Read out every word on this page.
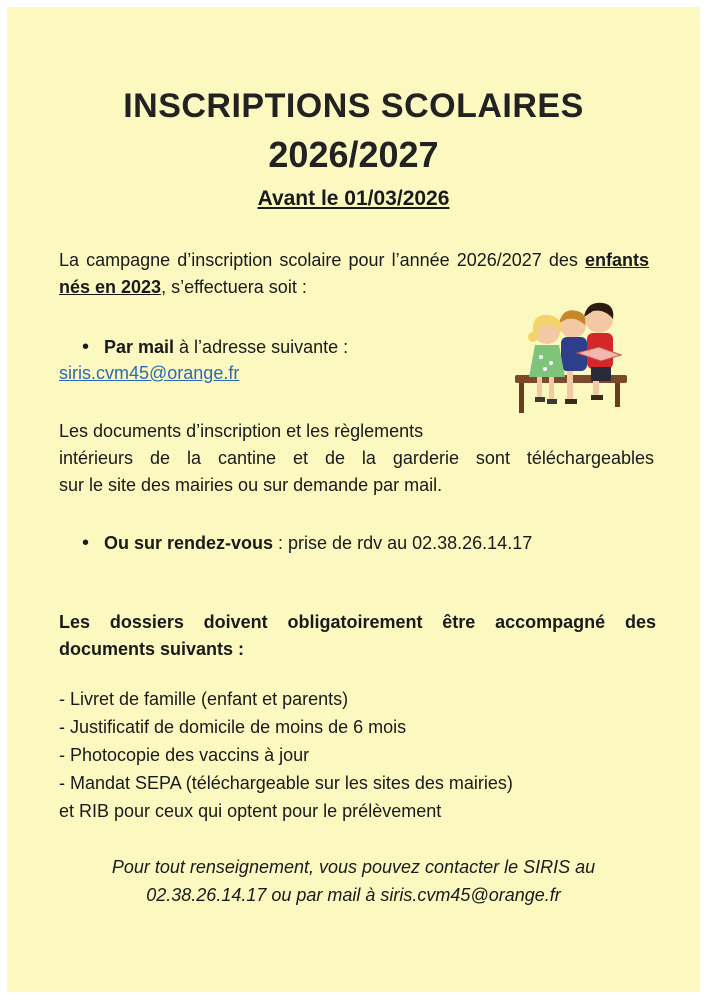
INSCRIPTIONS SCOLAIRES
2026/2027
Avant le 01/03/2026

La campagne d’inscription scolaire pour l’année 2026/2027 des enfants nés en 2023, s’effectuera soit :

• Par mail à l’adresse suivante :
siris.cvm45@orange.fr

Les documents d’inscription et les règlements
intérieurs de la cantine et de la garderie sont téléchargeables
sur le site des mairies ou sur demande par mail.

• Ou sur rendez-vous : prise de rdv au 02.38.26.14.17

Les dossiers doivent obligatoirement être accompagné des
documents suivants :

- Livret de famille (enfant et parents)
- Justificatif de domicile de moins de 6 mois
- Photocopie des vaccins à jour
- Mandat SEPA (téléchargeable sur les sites des mairies)
et RIB pour ceux qui optent pour le prélèvement
Pour tout renseignement, vous pouvez contacter le SIRIS au
02.38.26.14.17 ou par mail à siris.cvm45@orange.fr
